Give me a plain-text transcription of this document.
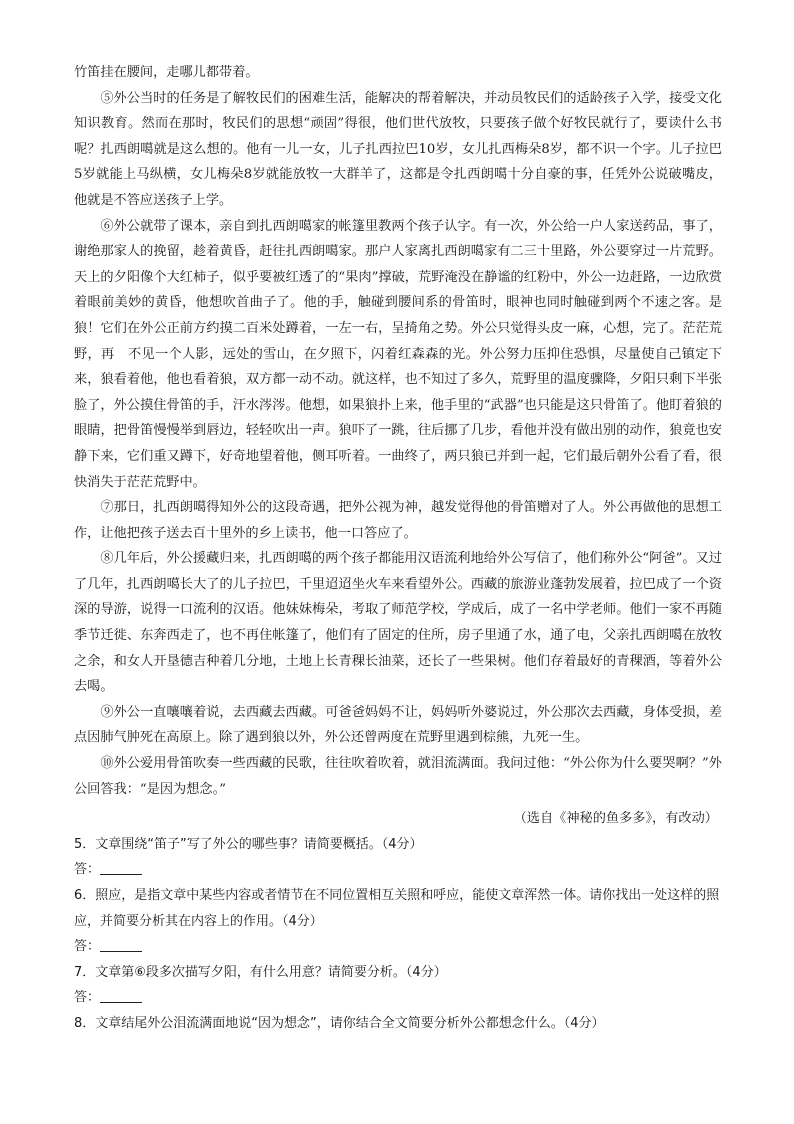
竹笛挂在腰间，走哪儿都带着。

⑤外公当时的任务是了解牧民们的困难生活，能解决的帮着解决，并动员牧民们的适龄孩子入学，接受文化知识教育。然而在那时，牧民们的思想“顽固”得很，他们世代放牧，只要孩子做个好牧民就行了，要读什么书呢？扎西朗噶就是这么想的。他有一儿一女，儿子扎西拉巴10岁，女儿扎西梅朵8岁，都不识一个字。儿子拉巴5岁就能上马纵横，女儿梅朵8岁就能放牧一大群羊了，这都是令扎西朗噶十分自豪的事，任凭外公说破嘴皮，他就是不答应送孩子上学。

⑥外公就带了课本，亲自到扎西朗噶家的帐篷里教两个孩子认字。有一次，外公给一户人家送药品，事了，谢绝那家人的挽留，趁着黄昏，赶往扎西朗噶家。那户人家离扎西朗噶家有二三十里路，外公要穿过一片荒野。天上的夕阳像个大红柿子，似乎要被红透了的“果肉”撑破，荒野淹没在静谧的红粉中，外公一边赶路，一边欣赏着眼前美妙的黄昏，他想吹首曲子了。他的手，触碰到腰间系的骨笛时，眼神也同时触碰到两个不速之客。是狼！它们在外公正前方约摸二百米处蹲着，一左一右，呈掎角之势。外公只觉得头皮一麻，心想，完了。茫茫荒野，再　不见一个人影，远处的雪山，在夕照下，闪着红森森的光。外公努力压抑住恐惧，尽量使自己镇定下来，狼看着他，他也看着狼，双方都一动不动。就这样，也不知过了多久，荒野里的温度骤降，夕阳只剩下半张脸了，外公摸住骨笛的手，汗水涔涔。他想，如果狼扑上来，他手里的“武器”也只能是这只骨笛了。他盯着狼的眼睛，把骨笛慢慢举到唇边，轻轻吹出一声。狼吓了一跳，往后挪了几步，看他并没有做出别的动作，狼竟也安静下来，它们重又蹲下，好奇地望着他，侧耳听着。一曲终了，两只狼已并到一起，它们最后朝外公看了看，很快消失于茫茫荒野中。

⑦那日，扎西朗噶得知外公的这段奇遇，把外公视为神，越发觉得他的骨笛赠对了人。外公再做他的思想工作，让他把孩子送去百十里外的乡上读书，他一口答应了。

⑧几年后，外公援藏归来，扎西朗噶的两个孩子都能用汉语流利地给外公写信了，他们称外公“阿爸”。又过了几年，扎西朗噶长大了的儿子拉巴，千里迢迢坐火车来看望外公。西藏的旅游业蓬勃发展着，拉巴成了一个资深的导游，说得一口流利的汉语。他妹妹梅朵，考取了师范学校，学成后，成了一名中学老师。他们一家不再随季节迁徙、东奔西走了，也不再住帐篷了，他们有了固定的住所，房子里通了水，通了电，父亲扎西朗噶在放牧之余，和女人开垦德吉种着几分地，土地上长青稞长油菜，还长了一些果树。他们存着最好的青稞酒，等着外公去喝。

⑨外公一直嚷嚷着说，去西藏去西藏。可爸爸妈妈不让，妈妈听外婆说过，外公那次去西藏，身体受损，差点因肺气肿死在高原上。除了遇到狼以外，外公还曾两度在荒野里遇到棕熊，九死一生。

⑩外公爱用骨笛吹奏一些西藏的民歌，往往吹着吹着，就泪流满面。我问过他：“外公你为什么要哭啊？”外公回答我：“是因为想念。”

（选自《神秘的鱼多多》，有改动）

5．文章围绕“笛子”写了外公的哪些事？请简要概括。（4分）

答：

6．照应，是指文章中某些内容或者情节在不同位置相互关照和呼应，能使文章浑然一体。请你找出一处这样的照应，并简要分析其在内容上的作用。（4分）

答：

7．文章第⑥段多次描写夕阳，有什么用意？请简要分析。（4分）

答：

8．文章结尾外公泪流满面地说“因为想念”，请你结合全文简要分析外公都想念什么。（4分）
